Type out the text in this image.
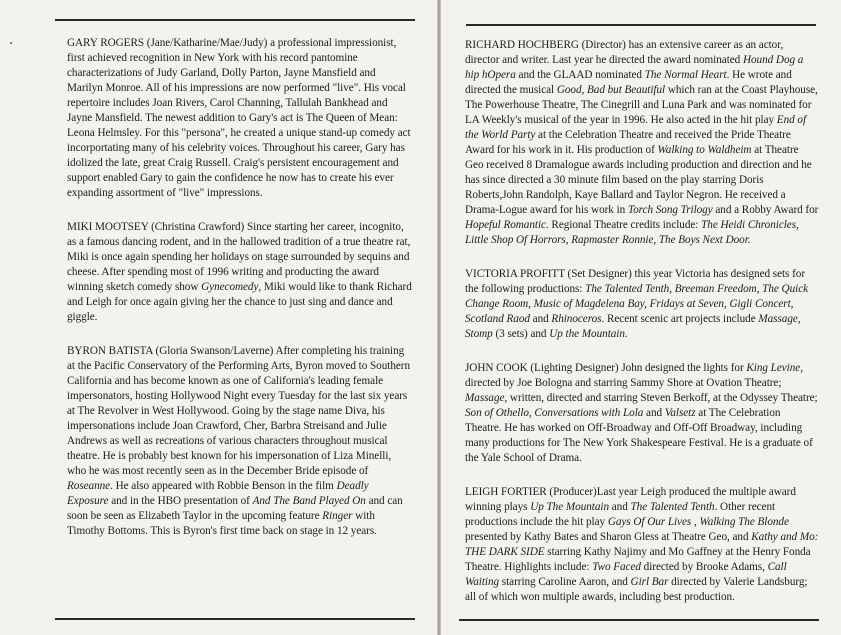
GARY ROGERS (Jane/Katharine/Mae/Judy) a professional impressionist, first achieved recognition in New York with his record pantomine characterizations of Judy Garland, Dolly Parton, Jayne Mansfield and Marilyn Monroe. All of his impressions are now performed "live". His vocal repertoire includes Joan Rivers, Carol Channing, Tallulah Bankhead and Jayne Mansfield. The newest addition to Gary's act is The Queen of Mean: Leona Helmsley. For this "persona", he created a unique stand-up comedy act incorportating many of his celebrity voices. Throughout his career, Gary has idolized the late, great Craig Russell. Craig's persistent encouragement and support enabled Gary to gain the confidence he now has to create his ever expanding assortment of "live" impressions.

MIKI MOOTSEY (Christina Crawford) Since starting her career, incognito, as a famous dancing rodent, and in the hallowed tradition of a true theatre rat, Miki is once again spending her holidays on stage surrounded by sequins and cheese. After spending most of 1996 writing and producting the award winning sketch comedy show Gynecomedy, Miki would like to thank Richard and Leigh for once again giving her the chance to just sing and dance and giggle.

BYRON BATISTA (Gloria Swanson/Laverne) After completing his training at the Pacific Conservatory of the Performing Arts, Byron moved to Southern California and has become known as one of California's leading female impersonators, hosting Hollywood Night every Tuesday for the last six years at The Revolver in West Hollywood. Going by the stage name Diva, his impersonations include Joan Crawford, Cher, Barbra Streisand and Julie Andrews as well as recreations of various characters throughout musical theatre. He is probably best known for his impersonation of Liza Minelli, who he was most recently seen as in the December Bride episode of Roseanne. He also appeared with Robbie Benson in the film Deadly Exposure and in the HBO presentation of And The Band Played On and can soon be seen as Elizabeth Taylor in the upcoming feature Ringer with Timothy Bottoms. This is Byron's first time back on stage in 12 years.

RICHARD HOCHBERG (Director) has an extensive career as an actor, director and writer. Last year he directed the award nominated Hound Dog a hip hOpera and the GLAAD nominated The Normal Heart. He wrote and directed the musical Good, Bad but Beautiful which ran at the Coast Playhouse, The Powerhouse Theatre, The Cinegrill and Luna Park and was nominated for LA Weekly's musical of the year in 1996. He also acted in the hit play End of the World Party at the Celebration Theatre and received the Pride Theatre Award for his work in it. His production of Walking to Waldheim at Theatre Geo received 8 Dramalogue awards including production and direction and he has since directed a 30 minute film based on the play starring Doris Roberts,John Randolph, Kaye Ballard and Taylor Negron. He received a Drama-Logue award for his work in Torch Song Trilogy and a Robby Award for Hopeful Romantic. Regional Theatre credits include: The Heidi Chronicles, Little Shop Of Horrors, Rapmaster Ronnie, The Boys Next Door.

VICTORIA PROFITT (Set Designer) this year Victoria has designed sets for the following productions: The Talented Tenth, Breeman Freedom, The Quick Change Room, Music of Magdelena Bay, Fridays at Seven, Gigli Concert, Scotland Raod and Rhinoceros. Recent scenic art projects include Massage, Stomp (3 sets) and Up the Mountain.

JOHN COOK (Lighting Designer) John designed the lights for King Levine, directed by Joe Bologna and starring Sammy Shore at Ovation Theatre; Massage, written, directed and starring Steven Berkoff, at the Odyssey Theatre; Son of Othello, Conversations with Lola and Valsetz at The Celebration Theatre. He has worked on Off-Broadway and Off-Off Broadway, including many productions for The New York Shakespeare Festival. He is a graduate of the Yale School of Drama.

LEIGH FORTIER (Producer)Last year Leigh produced the multiple award winning plays Up The Mountain and The Talented Tenth. Other recent productions include the hit play Gays Of Our Lives , Walking The Blonde presented by Kathy Bates and Sharon Gless at Theatre Geo, and Kathy and Mo: THE DARK SIDE starring Kathy Najimy and Mo Gaffney at the Henry Fonda Theatre. Highlights include: Two Faced directed by Brooke Adams, Call Waiting starring Caroline Aaron, and Girl Bar directed by Valerie Landsburg; all of which won multiple awards, including best production.
